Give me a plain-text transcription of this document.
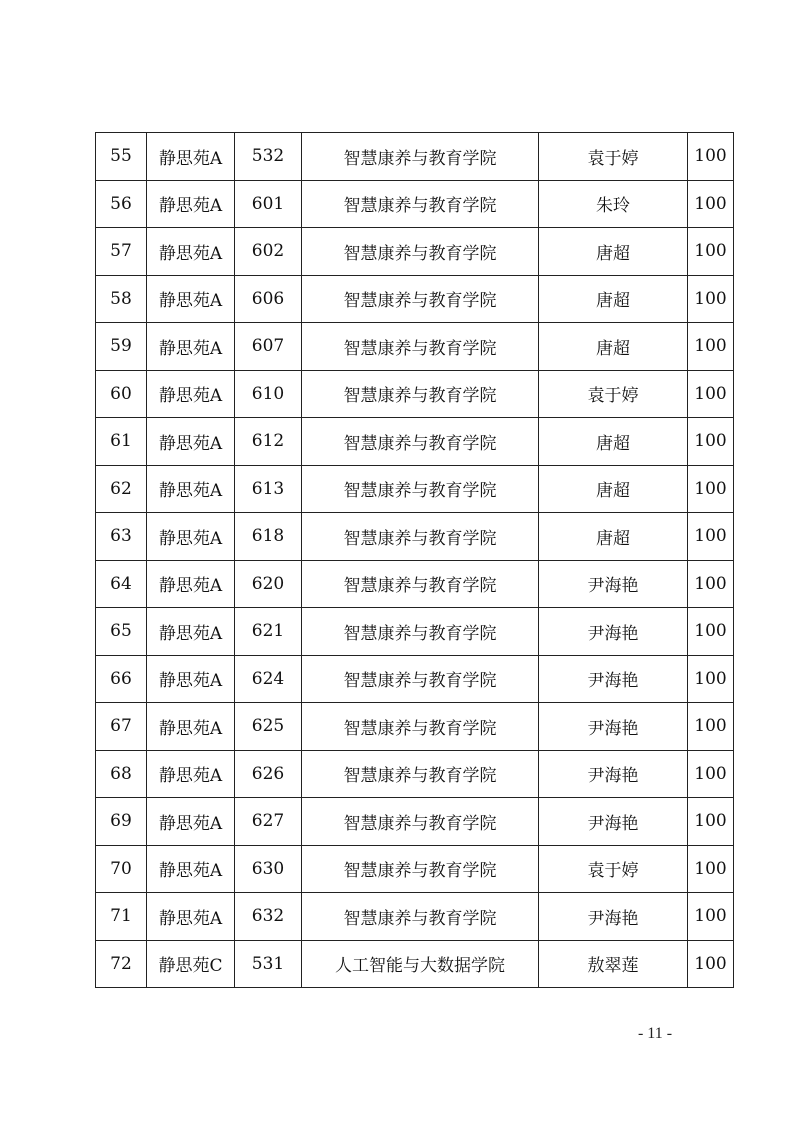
55	静思苑A	532	智慧康养与教育学院	袁于婷	100
56	静思苑A	601	智慧康养与教育学院	朱玲	100
57	静思苑A	602	智慧康养与教育学院	唐超	100
58	静思苑A	606	智慧康养与教育学院	唐超	100
59	静思苑A	607	智慧康养与教育学院	唐超	100
60	静思苑A	610	智慧康养与教育学院	袁于婷	100
61	静思苑A	612	智慧康养与教育学院	唐超	100
62	静思苑A	613	智慧康养与教育学院	唐超	100
63	静思苑A	618	智慧康养与教育学院	唐超	100
64	静思苑A	620	智慧康养与教育学院	尹海艳	100
65	静思苑A	621	智慧康养与教育学院	尹海艳	100
66	静思苑A	624	智慧康养与教育学院	尹海艳	100
67	静思苑A	625	智慧康养与教育学院	尹海艳	100
68	静思苑A	626	智慧康养与教育学院	尹海艳	100
69	静思苑A	627	智慧康养与教育学院	尹海艳	100
70	静思苑A	630	智慧康养与教育学院	袁于婷	100
71	静思苑A	632	智慧康养与教育学院	尹海艳	100
72	静思苑C	531	人工智能与大数据学院	敖翠莲	100
- 11 -
